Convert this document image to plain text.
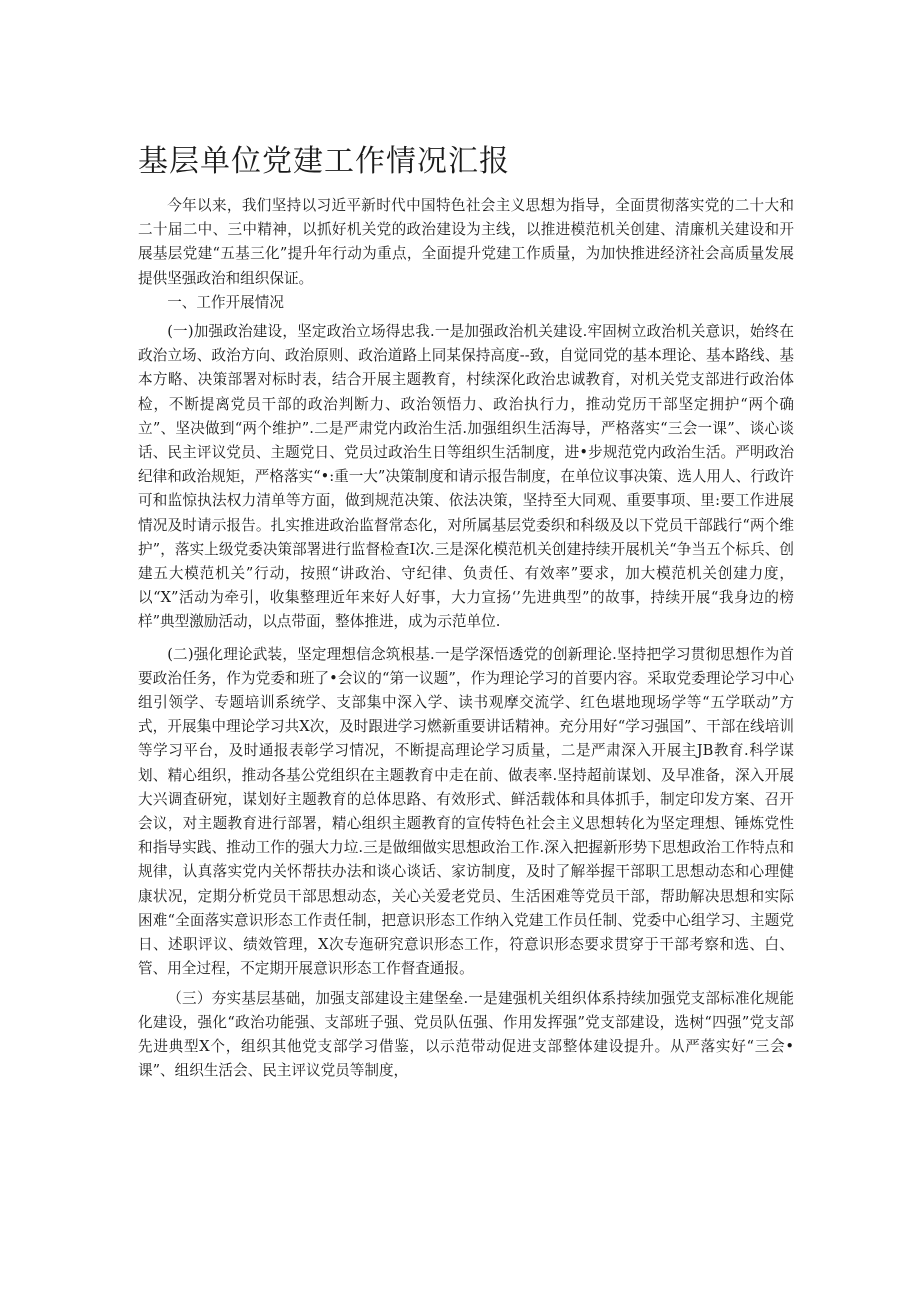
基层单位党建工作情况汇报

今年以来，我们坚持以习近平新时代中国特色社会主义思想为指导，全面贯彻落实党的二十大和二十届二中、三中精神，以抓好机关党的政治建设为主线，以推进模范机关创建、清廉机关建设和开展基层党建“五基三化”提升年行动为重点，全面提升党建工作质量，为加快推进经济社会高质量发展提供坚强政治和组织保证。

一、工作开展情况

(一)加强政治建设，坚定政治立场得忠我.一是加强政治机关建设.牢固树立政治机关意识，始终在政治立场、政治方向、政治原则、政治道路上同某保持高度--致，自觉同党的基本理论、基本路线、基本方略、决策部署对标时表，结合开展主题教育，村续深化政治忠诚教育，对机关党支部进行政治体检，不断提离党员干部的政治判断力、政治领悟力、政治执行力，推动党历干部坚定拥护“两个确立”、坚决做到“两个维护”.二是严肃党内政治生活.加强组织生活海导，严格落实“三会一课”、谈心谈话、民主评议党员、主题党日、党员过政治生日等组织生活制度，进•步规范党内政治生活。严明政治纪律和政治规矩，严格落实“•:重一大”决策制度和请示报告制度，在单位议事决策、选人用人、行政许可和监惊执法权力清单等方面，做到规范决策、依法决策，坚持至大同观、重要事项、里:要工作进展情况及时请示报告。扎实推进政治监督常态化，对所属基层党委织和科级及以下党员干部践行“两个维护”，落实上级党委决策部署进行监督检查I次.三是深化模范机关创建持续开展机关“争当五个标兵、创建五大模范机关”行动，按照“讲政治、守纪律、负责任、有效率”要求，加大模范机关创建力度，以“X”活动为牵引，收集整理近年来好人好事，大力宣扬‘’先进典型”的故事，持续开展“我身边的榜样”典型激励活动，以点带面，整体推进，成为示范单位.

(二)强化理论武装，坚定理想信念筑根基.一是学深悟透党的创新理论.坚持把学习贯彻思想作为首要政治任务，作为党委和班了•会议的“第一议题”，作为理论学习的首要内容。采取党委理论学习中心组引领学、专题培训系统学、支部集中深入学、读书观摩交流学、红色堪地现场学等“五学联动”方式，开展集中理论学习共X次，及时跟进学习燃新重要讲话精神。充分用好“学习强国”、干部在线培训等学习平台，及时通报表彰学习情况，不断提高理论学习质量，二是严肃深入开展主JB教育.科学谋划、精心组织，推动各基公党组织在主题教育中走在前、做表率.坚持超前谋划、及早准备，深入开展大兴调査研宛，谋划好主题教育的总体思路、有效形式、鲜活载体和具体抓手，制定印发方案、召开会议，对主题教育进行部署，精心组织主题教育的宣传特色社会主义思想转化为坚定理想、锤炼党性和指导实践、推动工作的强大力垃.三是做细做实思想政治工作.深入把握新形势下思想政治工作特点和规律，认真落实党内关怀帮扶办法和谈心谈话、家访制度，及时了解举握干部职工思想动态和心理健康状况，定期分析党员干部思想动态，关心关爱老党员、生活困难等党员干部，帮助解决思想和实际困难“全面落实意识形态工作责任制，把意识形态工作纳入党建工作员任制、党委中心组学习、主题党日、述职评议、绩效管理，X次专迤研究意识形态工作，符意识形态要求贯穿于干部考察和选、白、管、用全过程，不定期开展意识形态工作督査通报。

（三）夯实基层基础，加强支部建设主建堡垒.一是建强机关组织体系持续加强党支部标准化规能化建设，强化“政治功能强、支部班子强、党员队伍强、作用发挥强”党支部建设，选树“四强”党支部先进典型X个，组织其他党支部学习借鉴，以示范带动促进支部整体建设提升。从严落实好“三会•课”、组织生活会、民主评议党员等制度，
